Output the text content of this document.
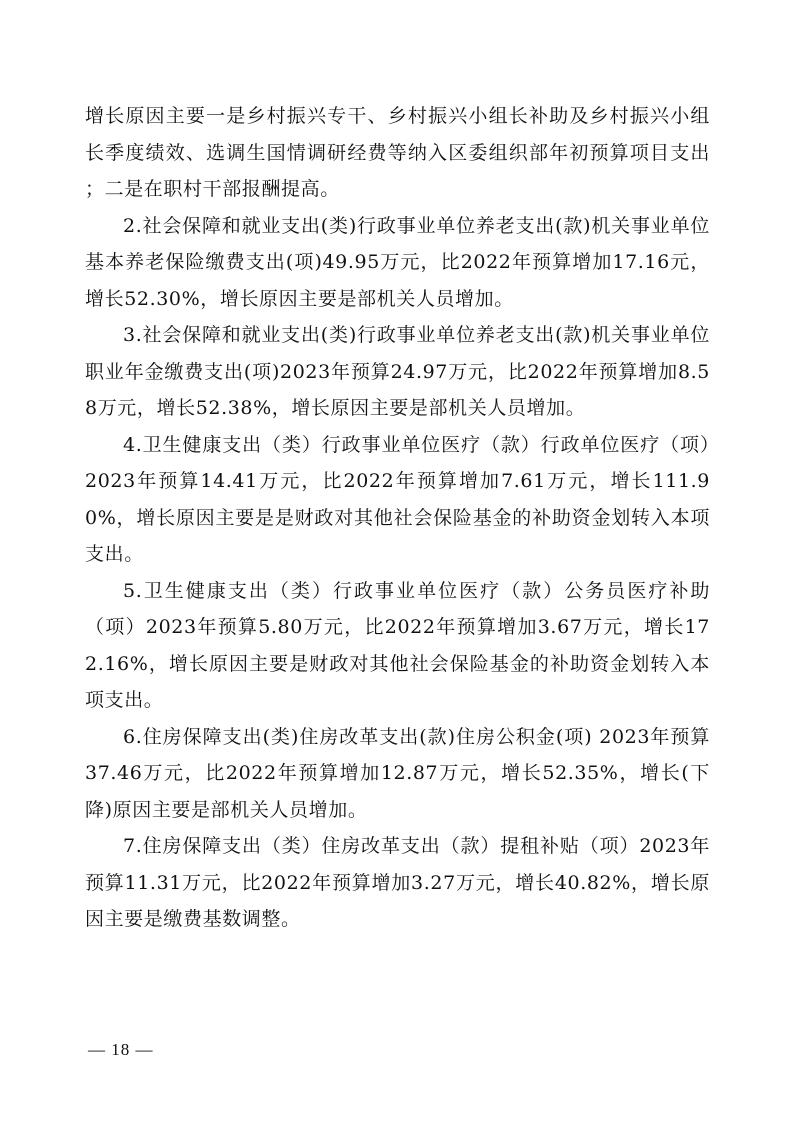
增长原因主要一是乡村振兴专干、乡村振兴小组长补助及乡村振兴小组长季度绩效、选调生国情调研经费等纳入区委组织部年初预算项目支出 ；二是在职村干部报酬提高。

2.社会保障和就业支出(类)行政事业单位养老支出(款)机关事业单位基本养老保险缴费支出(项)49.95万元，比2022年预算增加17.16元，增长52.30%，增长原因主要是部机关人员增加。

3.社会保障和就业支出(类)行政事业单位养老支出(款)机关事业单位职业年金缴费支出(项)2023年预算24.97万元，比2022年预算增加8.58万元，增长52.38%，增长原因主要是部机关人员增加。

4.卫生健康支出（类）行政事业单位医疗（款）行政单位医疗（项）2023年预算14.41万元，比2022年预算增加7.61万元，增长111.90%，增长原因主要是是财政对其他社会保险基金的补助资金划转入本项支出。

5.卫生健康支出（类）行政事业单位医疗（款）公务员医疗补助（项）2023年预算5.80万元，比2022年预算增加3.67万元，增长172.16%，增长原因主要是财政对其他社会保险基金的补助资金划转入本项支出。

6.住房保障支出(类)住房改革支出(款)住房公积金(项) 2023年预算37.46万元，比2022年预算增加12.87万元，增长52.35%，增长(下降)原因主要是部机关人员增加。

7.住房保障支出（类）住房改革支出（款）提租补贴（项）2023年预算11.31万元，比2022年预算增加3.27万元，增长40.82%，增长原因主要是缴费基数调整。

— 18 —
